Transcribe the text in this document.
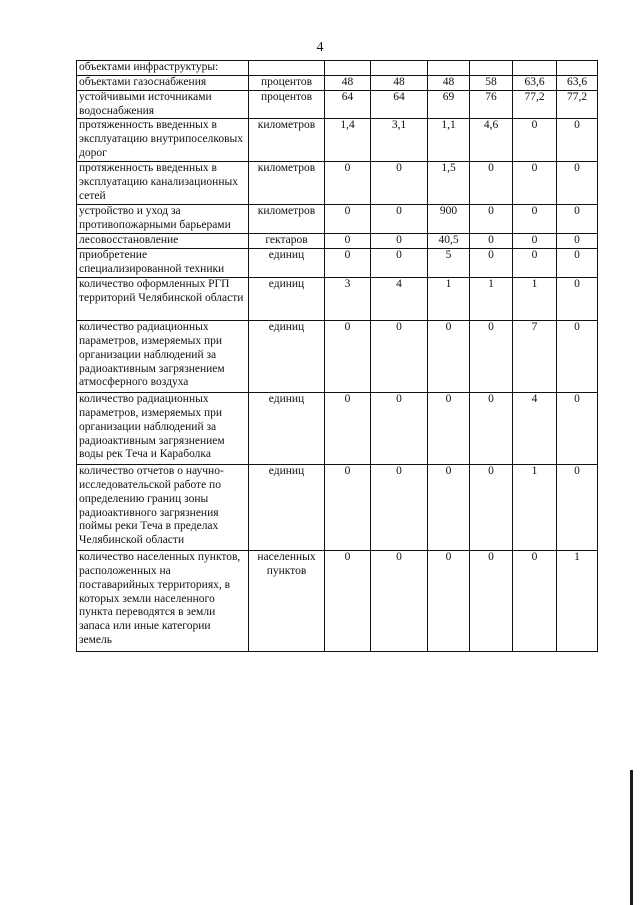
4
объектами инфраструктуры:							
объектами газоснабжения	процентов	48	48	48	58	63,6	63,6
устойчивыми источниками водоснабжения	процентов	64	64	69	76	77,2	77,2
протяженность введенных в эксплуатацию внутрипоселковых дорог	километров	1,4	3,1	1,1	4,6	0	0
протяженность введенных в эксплуатацию канализационных сетей	километров	0	0	1,5	0	0	0
устройство и уход за противопожарными барьерами	километров	0	0	900	0	0	0
лесовосстановление	гектаров	0	0	40,5	0	0	0
приобретение специализированной техники	единиц	0	0	5	0	0	0
количество оформленных РГП территорий Челябинской области	единиц	3	4	1	1	1	0
количество радиационных параметров, измеряемых при организации наблюдений за радиоактивным загрязнением атмосферного воздуха	единиц	0	0	0	0	7	0
количество радиационных параметров, измеряемых при организации наблюдений за радиоактивным загрязнением воды рек Теча и Караболка	единиц	0	0	0	0	4	0
количество отчетов о научно-исследовательской работе по определению границ зоны радиоактивного загрязнения поймы реки Теча в пределах Челябинской области	единиц	0	0	0	0	1	0
количество населенных пунктов, расположенных на поставарийных территориях, в которых земли населенного пункта переводятся в земли запаса или иные категории земель	населенных пунктов	0	0	0	0	0	1
